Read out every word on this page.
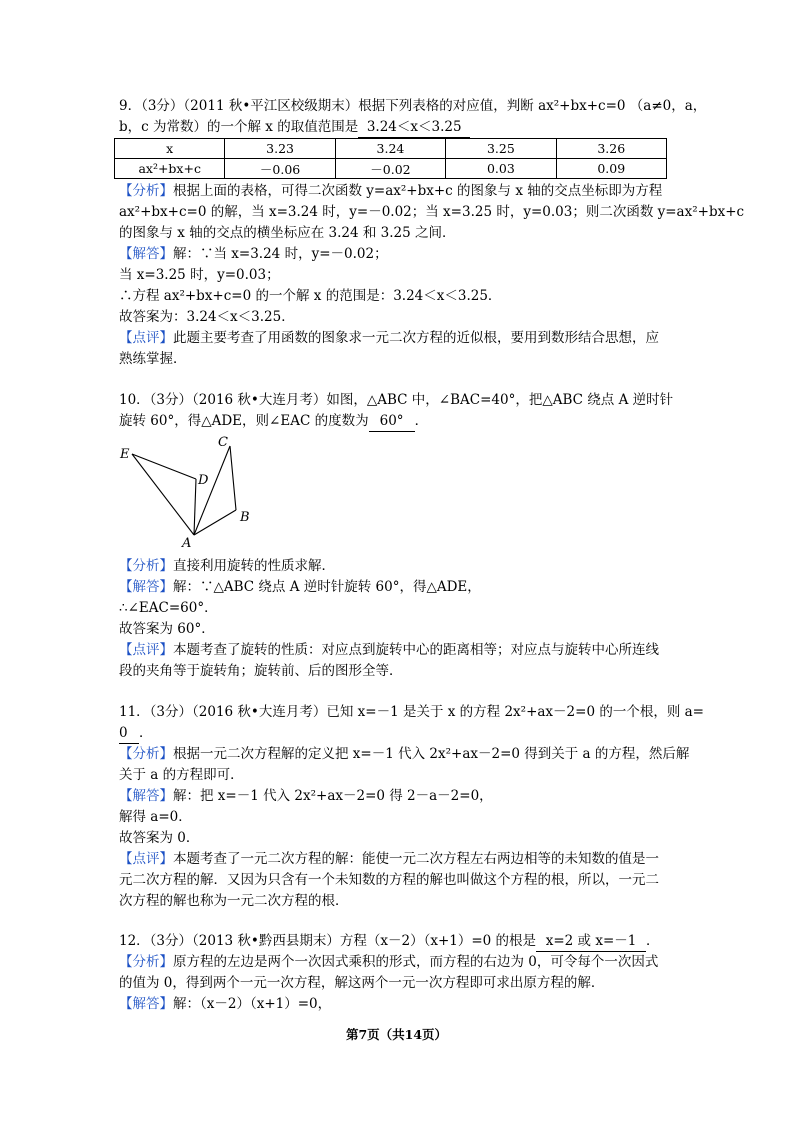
9．（3分）（2011 秋•平江区校级期末）根据下列表格的对应值，判断 ax²+bx+c=0 （a≠0，a，
b，c 为常数）的一个解 x 的取值范围是 3.24＜x＜3.25
x	3.23	3.24	3.25	3.26
ax²+bx+c	－0.06	－0.02	0.03	0.09
【分析】根据上面的表格，可得二次函数 y=ax²+bx+c 的图象与 x 轴的交点坐标即为方程
ax²+bx+c=0 的解，当 x=3.24 时，y=－0.02；当 x=3.25 时，y=0.03；则二次函数 y=ax²+bx+c
的图象与 x 轴的交点的横坐标应在 3.24 和 3.25 之间．
【解答】解：∵当 x=3.24 时，y=－0.02；
当 x=3.25 时，y=0.03；
∴方程 ax²+bx+c=0 的一个解 x 的范围是：3.24＜x＜3.25．
故答案为：3.24＜x＜3.25．
【点评】此题主要考查了用函数的图象求一元二次方程的近似根，要用到数形结合思想，应
熟练掌握．
10．（3分）（2016 秋•大连月考）如图，△ABC 中，∠BAC=40°，把△ABC 绕点 A 逆时针
旋转 60°，得△ADE，则∠EAC 的度数为 60° ．
E
C
D
B
A
【分析】直接利用旋转的性质求解．
【解答】解：∵△ABC 绕点 A 逆时针旋转 60°，得△ADE，
∴∠EAC=60°．
故答案为 60°．
【点评】本题考查了旋转的性质：对应点到旋转中心的距离相等；对应点与旋转中心所连线
段的夹角等于旋转角；旋转前、后的图形全等．
11．（3分）（2016 秋•大连月考）已知 x=－1 是关于 x 的方程 2x²+ax－2=0 的一个根，则 a=
0 ．
【分析】根据一元二次方程解的定义把 x=－1 代入 2x²+ax－2=0 得到关于 a 的方程，然后解
关于 a 的方程即可．
【解答】解：把 x=－1 代入 2x²+ax－2=0 得 2－a－2=0，
解得 a=0．
故答案为 0．
【点评】本题考查了一元二次方程的解：能使一元二次方程左右两边相等的未知数的值是一
元二次方程的解．又因为只含有一个未知数的方程的解也叫做这个方程的根，所以，一元二
次方程的解也称为一元二次方程的根．
12．（3分）（2013 秋•黔西县期末）方程（x－2）（x+1）=0 的根是 x=2 或 x=－1 ．
【分析】原方程的左边是两个一次因式乘积的形式，而方程的右边为 0，可令每个一次因式
的值为 0，得到两个一元一次方程，解这两个一元一次方程即可求出原方程的解．
【解答】解：（x－2）（x+1）=0，
第7页（共14页）
